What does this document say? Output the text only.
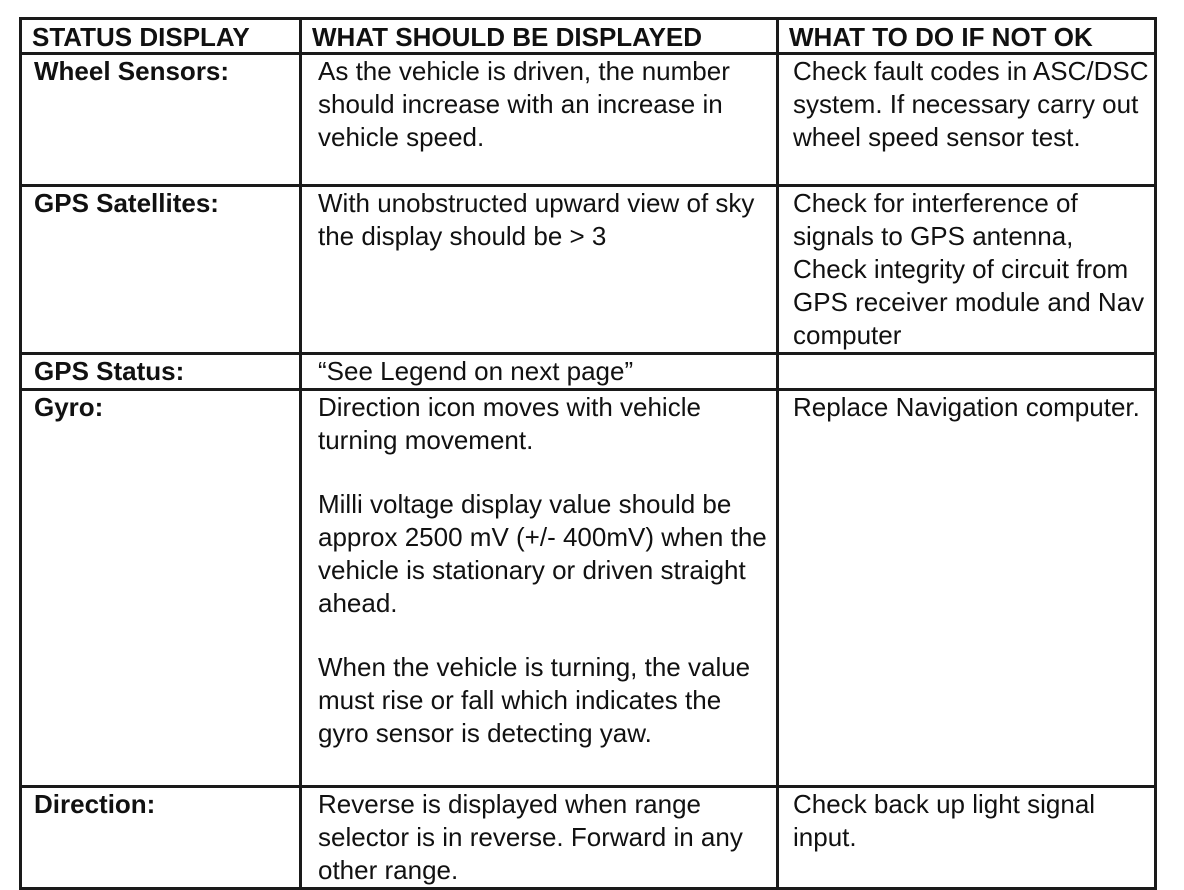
STATUS DISPLAY	WHAT SHOULD BE DISPLAYED	WHAT TO DO IF NOT OK
Wheel Sensors:	As the vehicle is driven, the number should increase with an increase in vehicle speed.	Check fault codes in ASC/DSC system. If necessary carry out wheel speed sensor test.

GPS Satellites:	With unobstructed upward view of sky the display should be > 3	Check for interference of signals to GPS antenna, Check integrity of circuit from GPS receiver module and Nav computer

GPS Status:	“See Legend on next page”	

Gyro:	Direction icon moves with vehicle turning movement.
Milli voltage display value should be approx 2500 mV (+/- 400mV) when the vehicle is stationary or driven straight ahead.
When the vehicle is turning, the value must rise or fall which indicates the gyro sensor is detecting yaw.	Replace Navigation computer.

Direction:	Reverse is displayed when range selector is in reverse. Forward in any other range.	Check back up light signal input.
